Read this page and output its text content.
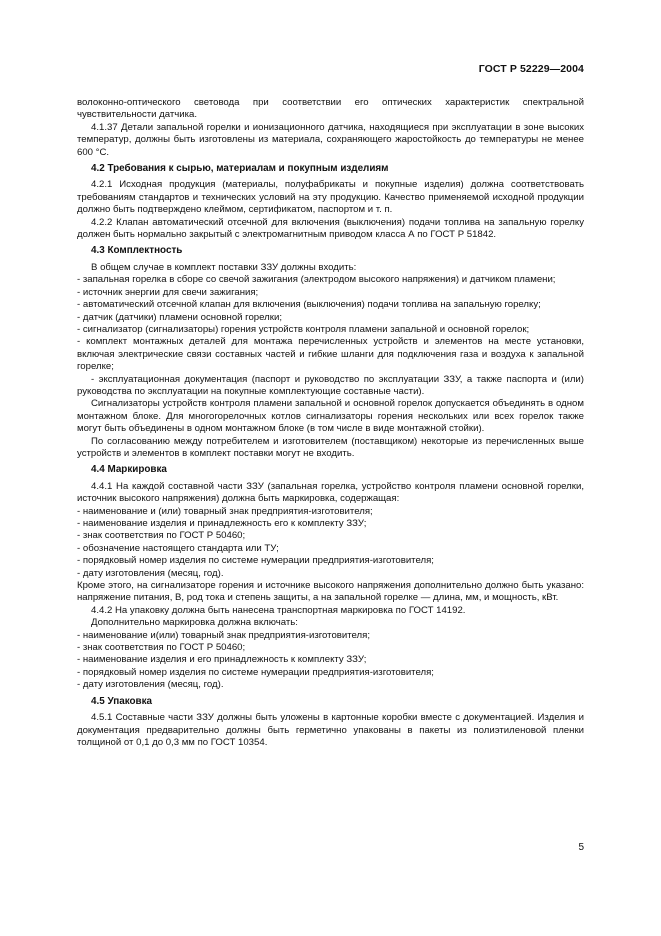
ГОСТ Р 52229—2004

волоконно-оптического световода при соответствии его оптических характеристик спектральной чувствительности датчика.

4.1.37 Детали запальной горелки и ионизационного датчика, находящиеся при эксплуатации в зоне высоких температур, должны быть изготовлены из материала, сохраняющего жаростойкость до температуры не менее 600 °С.

4.2 Требования к сырью, материалам и покупным изделиям

4.2.1 Исходная продукция (материалы, полуфабрикаты и покупные изделия) должна соответствовать требованиям стандартов и технических условий на эту продукцию. Качество применяемой исходной продукции должно быть подтверждено клеймом, сертификатом, паспортом и т. п.

4.2.2 Клапан автоматический отсечной для включения (выключения) подачи топлива на запальную горелку должен быть нормально закрытый с электромагнитным приводом класса А по ГОСТ Р 51842.

4.3 Комплектность

В общем случае в комплект поставки ЗЗУ должны входить:

- запальная горелка в сборе со свечой зажигания (электродом высокого напряжения) и датчиком пламени;

- источник энергии для свечи зажигания;

- автоматический отсечной клапан для включения (выключения) подачи топлива на запальную горелку;

- датчик (датчики) пламени основной горелки;

- сигнализатор (сигнализаторы) горения устройств контроля пламени запальной и основной горелок;

- комплект монтажных деталей для монтажа перечисленных устройств и элементов на месте установки, включая электрические связи составных частей и гибкие шланги для подключения газа и воздуха к запальной горелке;

- эксплуатационная документация (паспорт и руководство по эксплуатации ЗЗУ, а также паспорта и (или) руководства по эксплуатации на покупные комплектующие составные части).

Сигнализаторы устройств контроля пламени запальной и основной горелок допускается объединять в одном монтажном блоке. Для многогорелочных котлов сигнализаторы горения нескольких или всех горелок также могут быть объединены в одном монтажном блоке (в том числе в виде монтажной стойки).

По согласованию между потребителем и изготовителем (поставщиком) некоторые из перечисленных выше устройств и элементов в комплект поставки могут не входить.

4.4 Маркировка

4.4.1 На каждой составной части ЗЗУ (запальная горелка, устройство контроля пламени основной горелки, источник высокого напряжения) должна быть маркировка, содержащая:

- наименование и (или) товарный знак предприятия-изготовителя;

- наименование изделия и принадлежность его к комплекту ЗЗУ;

- знак соответствия по ГОСТ Р 50460;

- обозначение настоящего стандарта или ТУ;

- порядковый номер изделия по системе нумерации предприятия-изготовителя;

- дату изготовления (месяц, год).

Кроме этого, на сигнализаторе горения и источнике высокого напряжения дополнительно должно быть указано: напряжение питания, В, род тока и степень защиты, а на запальной горелке — длина, мм, и мощность, кВт.

4.4.2 На упаковку должна быть нанесена транспортная маркировка по ГОСТ 14192.

Дополнительно маркировка должна включать:

- наименование и(или) товарный знак предприятия-изготовителя;

- знак соответствия по ГОСТ Р 50460;

- наименование изделия и его принадлежность к комплекту ЗЗУ;

- порядковый номер изделия по системе нумерации предприятия-изготовителя;

- дату изготовления (месяц, год).

4.5 Упаковка

4.5.1 Составные части ЗЗУ должны быть уложены в картонные коробки вместе с документацией. Изделия и документация предварительно должны быть герметично упакованы в пакеты из полиэтиленовой пленки толщиной от 0,1 до 0,3 мм по ГОСТ 10354.

5
